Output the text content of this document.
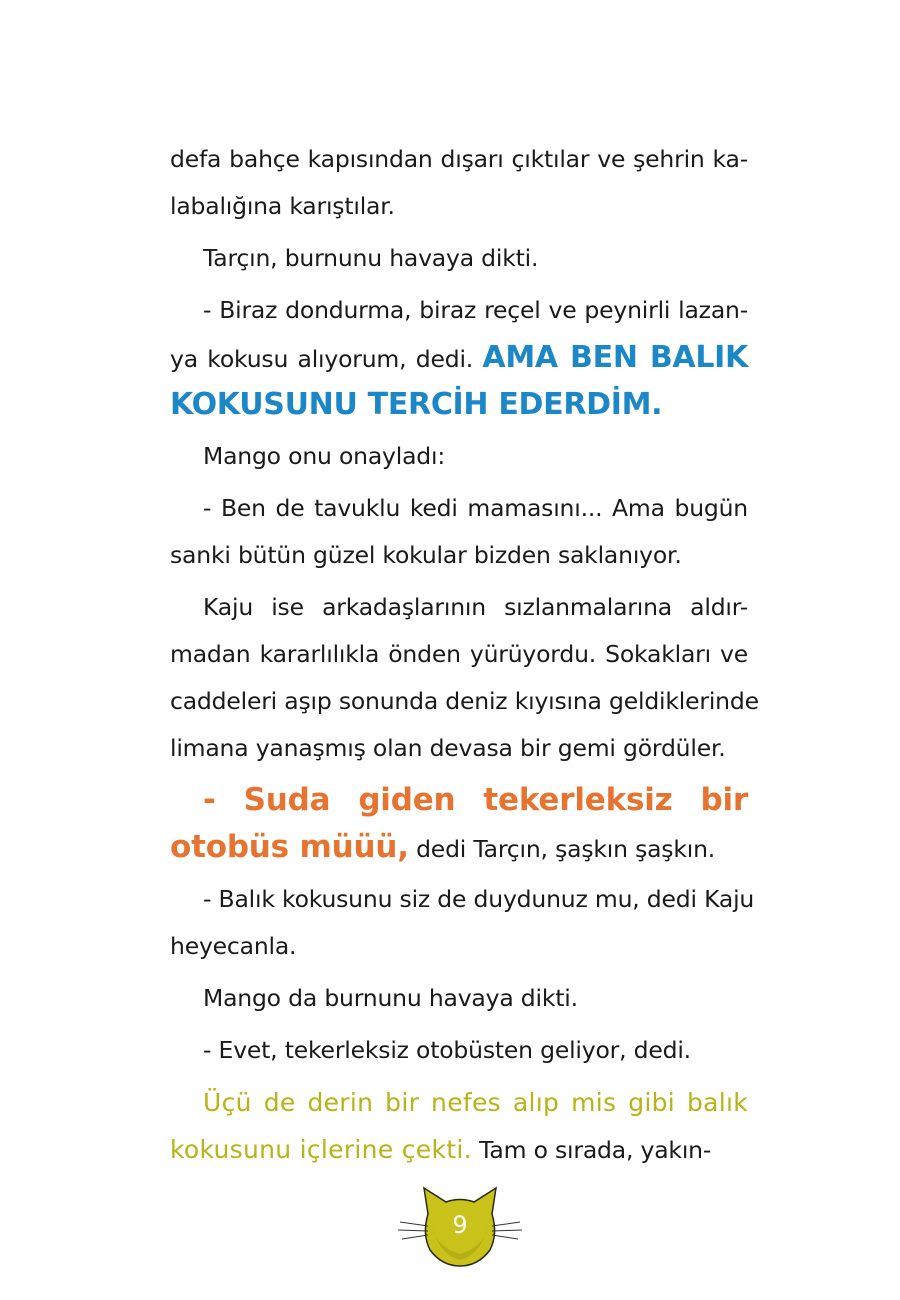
defa bahçe kapısından dışarı çıktılar ve şehrin ka-
labalığına karıştılar.
Tarçın, burnunu havaya dikti.
- Biraz dondurma, biraz reçel ve peynirli lazan-
ya kokusu alıyorum, dedi. AMA BEN BALIK
KOKUSUNU TERCİH EDERDİM.
Mango onu onayladı:
- Ben de tavuklu kedi mamasını... Ama bugün
sanki bütün güzel kokular bizden saklanıyor.
Kaju ise arkadaşlarının sızlanmalarına aldır-
madan kararlılıkla önden yürüyordu. Sokakları ve
caddeleri aşıp sonunda deniz kıyısına geldiklerinde
limana yanaşmış olan devasa bir gemi gördüler.
- Suda giden tekerleksiz bir
otobüs müüü, dedi Tarçın, şaşkın şaşkın.
- Balık kokusunu siz de duydunuz mu, dedi Kaju
heyecanla.
Mango da burnunu havaya dikti.
- Evet, tekerleksiz otobüsten geliyor, dedi.
Üçü de derin bir nefes alıp mis gibi balık
kokusunu içlerine çekti. Tam o sırada, yakın-
9
